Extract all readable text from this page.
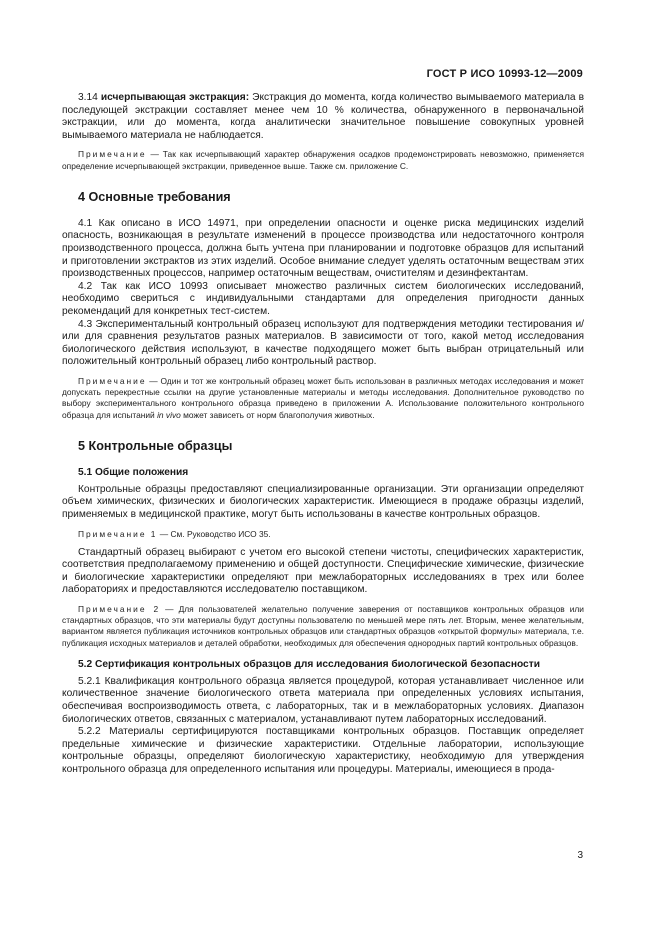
ГОСТ Р ИСО 10993-12—2009

3.14 исчерпывающая экстракция: Экстракция до момента, когда количество вымываемого материала в последующей экстракции составляет менее чем 10 % количества, обнаруженного в первоначальной экстракции, или до момента, когда аналитически значительное повышение совокупных уровней вымываемого материала не наблюдается.

Примечание — Так как исчерпывающий характер обнаружения осадков продемонстрировать невозможно, применяется определение исчерпывающей экстракции, приведенное выше. Также см. приложение С.

4 Основные требования

4.1 Как описано в ИСО 14971, при определении опасности и оценке риска медицинских изделий опасность, возникающая в результате изменений в процессе производства или недостаточного контроля производственного процесса, должна быть учтена при планировании и подготовке образцов для испытаний и приготовлении экстрактов из этих изделий. Особое внимание следует уделять остаточным веществам этих производственных процессов, например остаточным веществам, очистителям и дезинфектантам.

4.2 Так как ИСО 10993 описывает множество различных систем биологических исследований, необходимо свериться с индивидуальными стандартами для определения пригодности данных рекомендаций для конкретных тест-систем.

4.3 Экспериментальный контрольный образец используют для подтверждения методики тестирования и/или для сравнения результатов разных материалов. В зависимости от того, какой метод исследования биологического действия используют, в качестве подходящего может быть выбран отрицательный или положительный контрольный образец либо контрольный раствор.

Примечание — Один и тот же контрольный образец может быть использован в различных методах исследования и может допускать перекрестные ссылки на другие установленные материалы и методы исследования. Дополнительное руководство по выбору экспериментального контрольного образца приведено в приложении А. Использование положительного контрольного образца для испытаний in vivo может зависеть от норм благополучия животных.

5 Контрольные образцы
5.1 Общие положения

Контрольные образцы предоставляют специализированные организации. Эти организации определяют объем химических, физических и биологических характеристик. Имеющиеся в продаже образцы изделий, применяемых в медицинской практике, могут быть использованы в качестве контрольных образцов.

Примечание 1 — См. Руководство ИСО 35.

Стандартный образец выбирают с учетом его высокой степени чистоты, специфических характеристик, соответствия предполагаемому применению и общей доступности. Специфические химические, физические и биологические характеристики определяют при межлабораторных исследованиях в трех или более лабораториях и предоставляются исследователю поставщиком.

Примечание 2 — Для пользователей желательно получение заверения от поставщиков контрольных образцов или стандартных образцов, что эти материалы будут доступны пользователю по меньшей мере пять лет. Вторым, менее желательным, вариантом является публикация источников контрольных образцов или стандартных образцов «открытой формулы» материала, т.е. публикация исходных материалов и деталей обработки, необходимых для обеспечения однородных партий контрольных образцов.

5.2 Сертификация контрольных образцов для исследования биологической безопасности

5.2.1 Квалификация контрольного образца является процедурой, которая устанавливает численное или количественное значение биологического ответа материала при определенных условиях испытания, обеспечивая воспроизводимость ответа, с лабораторных, так и в межлабораторных условиях. Диапазон биологических ответов, связанных с материалом, устанавливают путем лабораторных исследований.

5.2.2 Материалы сертифицируются поставщиками контрольных образцов. Поставщик определяет предельные химические и физические характеристики. Отдельные лаборатории, использующие контрольные образцы, определяют биологическую характеристику, необходимую для утверждения контрольного образца для определенного испытания или процедуры. Материалы, имеющиеся в прода-

3
